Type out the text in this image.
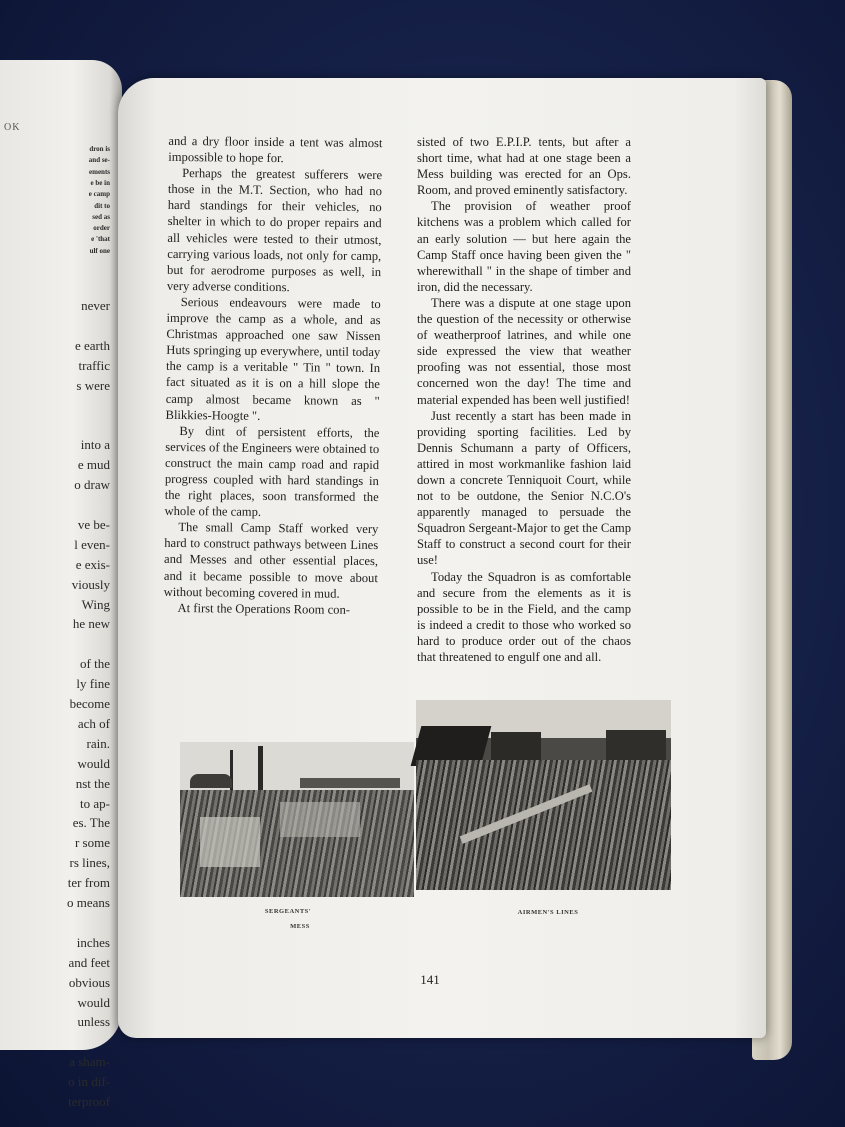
OK
dron is
and se-
ements
e be in
e camp
dit to
sed as
order
e 'that
ulf one
never
e earth
traffic
s were
into a
e mud
o draw
ve be-
l even-
e exis-
viously
Wing
he new
of the
ly fine
become
ach of
rain.
would
nst the
to ap-
es. The
r some
rs lines,
ter from
o means
inches
and feet
obvious
would
unless
a sham-
o in dif-
terproof

and a dry floor inside a tent was almost impossible to hope for.

Perhaps the greatest sufferers were those in the M.T. Section, who had no hard standings for their vehicles, no shelter in which to do proper repairs and all vehicles were tested to their utmost, carrying various loads, not only for camp, but for aerodrome purposes as well, in very adverse conditions.

Serious endeavours were made to improve the camp as a whole, and as Christmas approached one saw Nissen Huts springing up everywhere, until today the camp is a veritable " Tin " town. In fact situated as it is on a hill slope the camp almost became known as " Blikkies-Hoogte ".

By dint of persistent efforts, the services of the Engineers were obtained to construct the main camp road and rapid progress coupled with hard standings in the right places, soon transformed the whole of the camp.

The small Camp Staff worked very hard to construct pathways between Lines and Messes and other essential places, and it became possible to move about without becoming covered in mud.

At first the Operations Room con-

sisted of two E.P.I.P. tents, but after a short time, what had at one stage been a Mess building was erected for an Ops. Room, and proved eminently satisfactory.

The provision of weather proof kitchens was a problem which called for an early solution — but here again the Camp Staff once having been given the " wherewithall " in the shape of timber and iron, did the necessary.

There was a dispute at one stage upon the question of the necessity or otherwise of weatherproof latrines, and while one side expressed the view that weather proofing was not essential, those most concerned won the day! The time and material expended has been well justified!

Just recently a start has been made in providing sporting facilities. Led by Dennis Schumann a party of Officers, attired in most workmanlike fashion laid down a concrete Tenniquoit Court, while not to be outdone, the Senior N.C.O's apparently managed to persuade the Squadron Sergeant-Major to get the Camp Staff to construct a second court for their use!

Today the Squadron is as comfortable and secure from the elements as it is possible to be in the Field, and the camp is indeed a credit to those who worked so hard to produce order out of the chaos that threatened to engulf one and all.

SERGEANTS'
MESS
AIRMEN'S LINES
141
